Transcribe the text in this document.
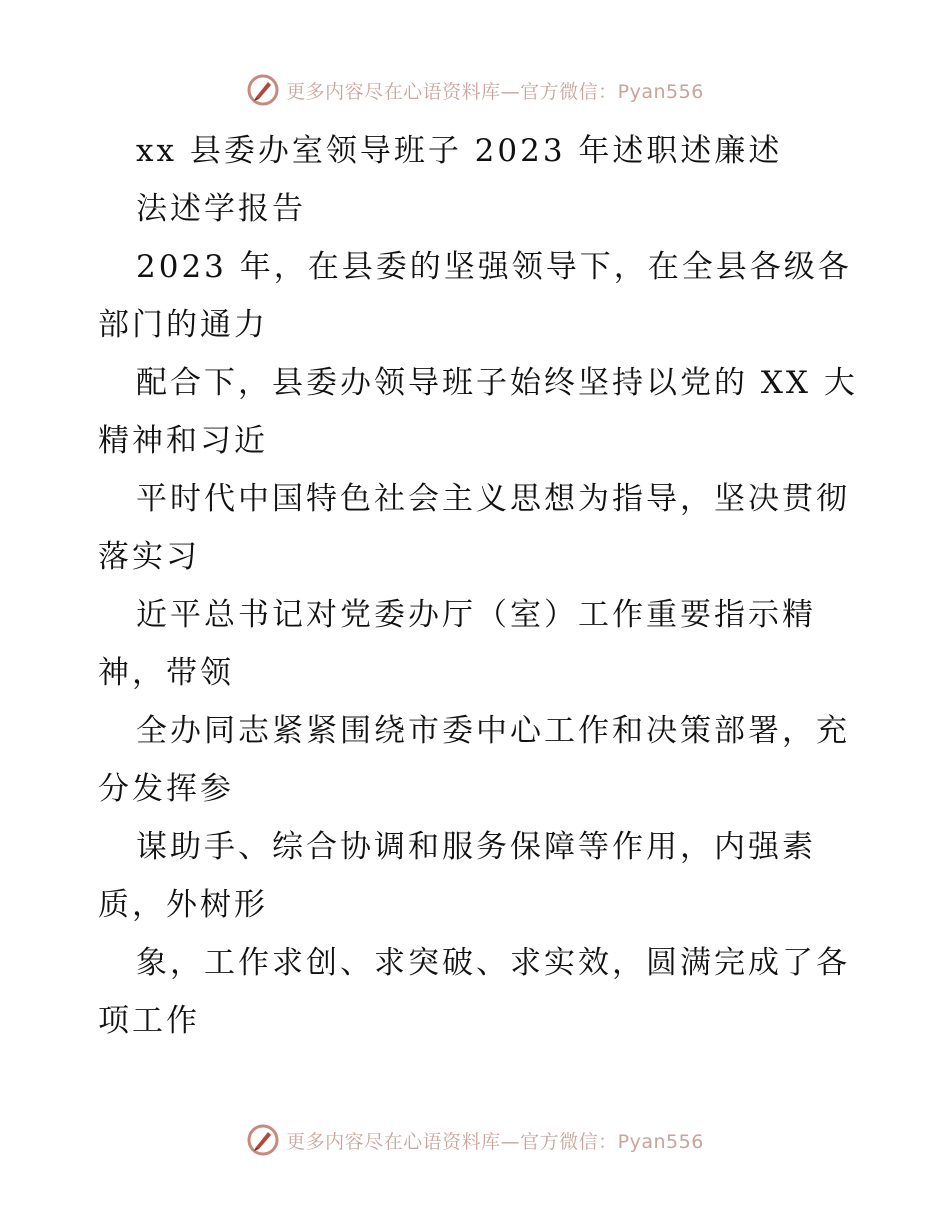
更多内容尽在心语资料库—官方微信：Pyan556
xx 县委办室领导班子 2023 年述职述廉述
法述学报告
2023 年，在县委的坚强领导下，在全县各级各
部门的通力
配合下，县委办领导班子始终坚持以党的 XX 大
精神和习近
平时代中国特色社会主义思想为指导，坚决贯彻
落实习
近平总书记对党委办厅（室）工作重要指示精
神，带领
全办同志紧紧围绕市委中心工作和决策部署，充
分发挥参
谋助手、综合协调和服务保障等作用，内强素
质，外树形
象，工作求创、求突破、求实效，圆满完成了各
项工作
更多内容尽在心语资料库—官方微信：Pyan556
